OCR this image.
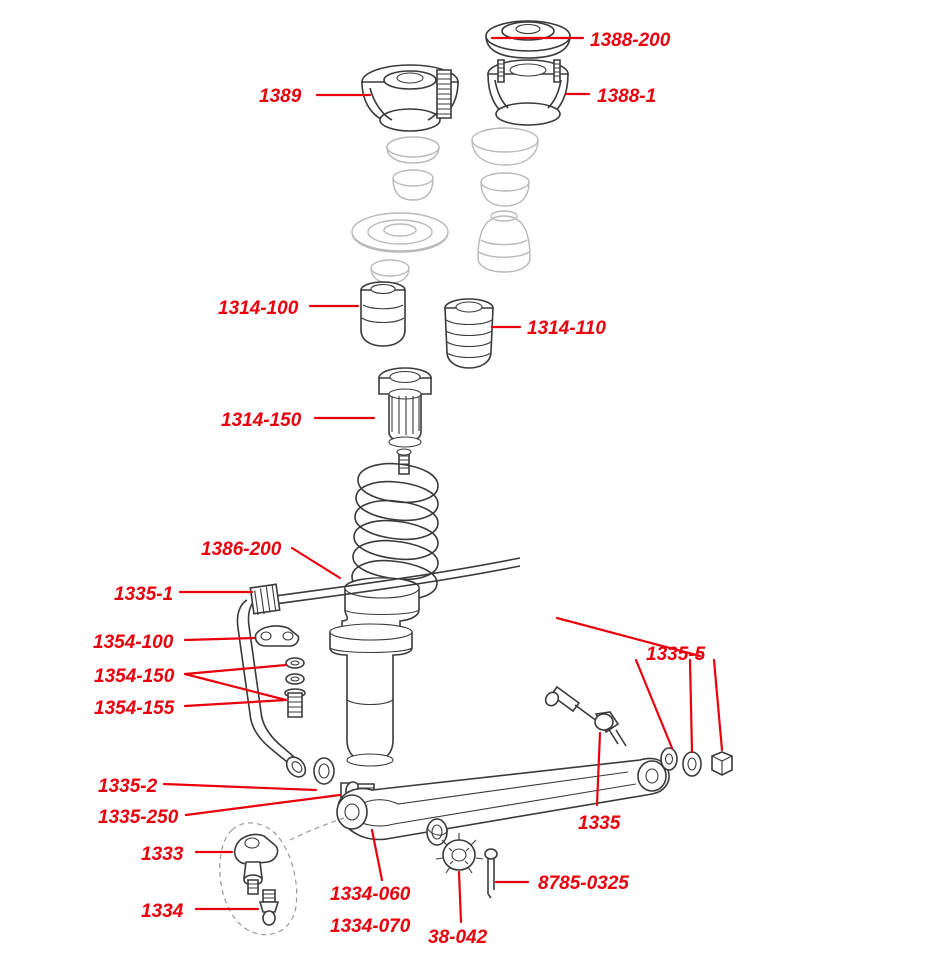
1388-200
1389	1388-1
1314-100
1314-110
1314-150
1386-200
1335-1
1354-100
1335-5
1354-150
1354-155
1335-2
1335
1335-250
1333
8785-0325
1334-060
1334
1334-070
38-042
